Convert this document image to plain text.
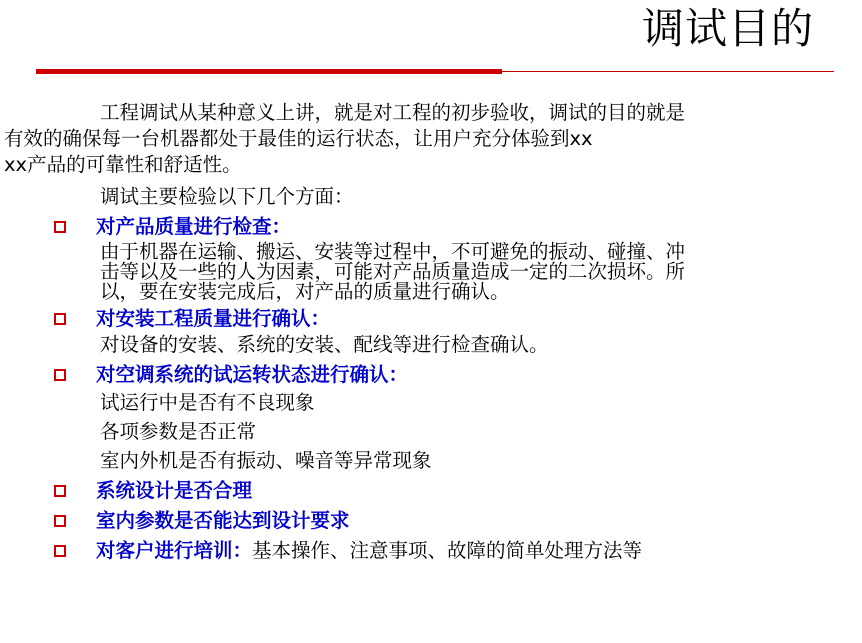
调试目的

工程调试从某种意义上讲，就是对工程的初步验收，调试的目的就是
有效的确保每一台机器都处于最佳的运行状态，让用户充分体验到xx
xx产品的可靠性和舒适性。

调试主要检验以下几个方面：

对产品质量进行检查：

由于机器在运输、搬运、安装等过程中，不可避免的振动、碰撞、冲
击等以及一些的人为因素，可能对产品质量造成一定的二次损坏。所
以，要在安装完成后，对产品的质量进行确认。

对安装工程质量进行确认：

对设备的安装、系统的安装、配线等进行检查确认。

对空调系统的试运转状态进行确认：

试运行中是否有不良现象

各项参数是否正常

室内外机是否有振动、噪音等异常现象

系统设计是否合理
室内参数是否能达到设计要求
对客户进行培训：基本操作、注意事项、故障的简单处理方法等
